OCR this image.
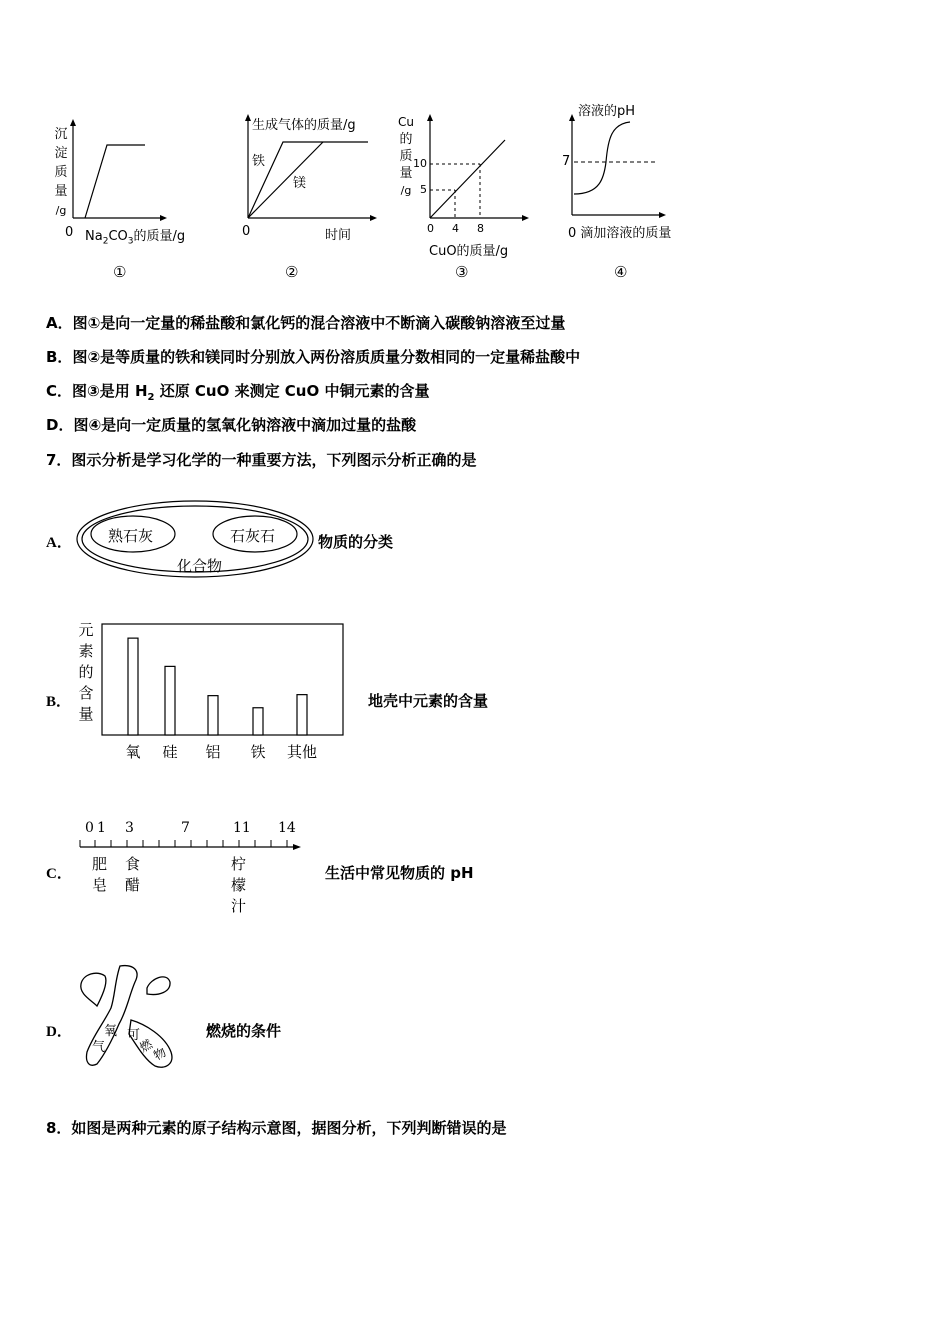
沉
淀
质
量
/g
0 $Na_2CO_3$的质量/g
①
生成气体的质量/g
铁
镁
0	时间
②
Cu
的
质
量
/g
10
5
0 4 8
CuO的质量/g
③
溶液的pH
7
0 滴加溶液的质量
④
A．图①是向一定量的稀盐酸和氯化钙的混合溶液中不断滴入碳酸钠溶液至过量
B．图②是等质量的铁和镁同时分别放入两份溶质质量分数相同的一定量稀盐酸中
C．图③是用 $H_2$ 还原 CuO 来测定 CuO 中铜元素的含量
D．图④是向一定质量的氢氧化钠溶液中滴加过量的盐酸
7．图示分析是学习化学的一种重要方法，下列图示分析正确的是
A． 熟石灰	石灰石
化合物
物质的分类
B．
元
素
的
含
量
氧 硅 铝 铁 其他
地壳中元素的含量
C．
0 1 3	7	11 14
肥
皂
食
醋
柠
檬
汁
生活中常见物质的 pH
D．	氧
气
可
燃
物
燃烧的条件
8．如图是两种元素的原子结构示意图，据图分析，下列判断错误的是
